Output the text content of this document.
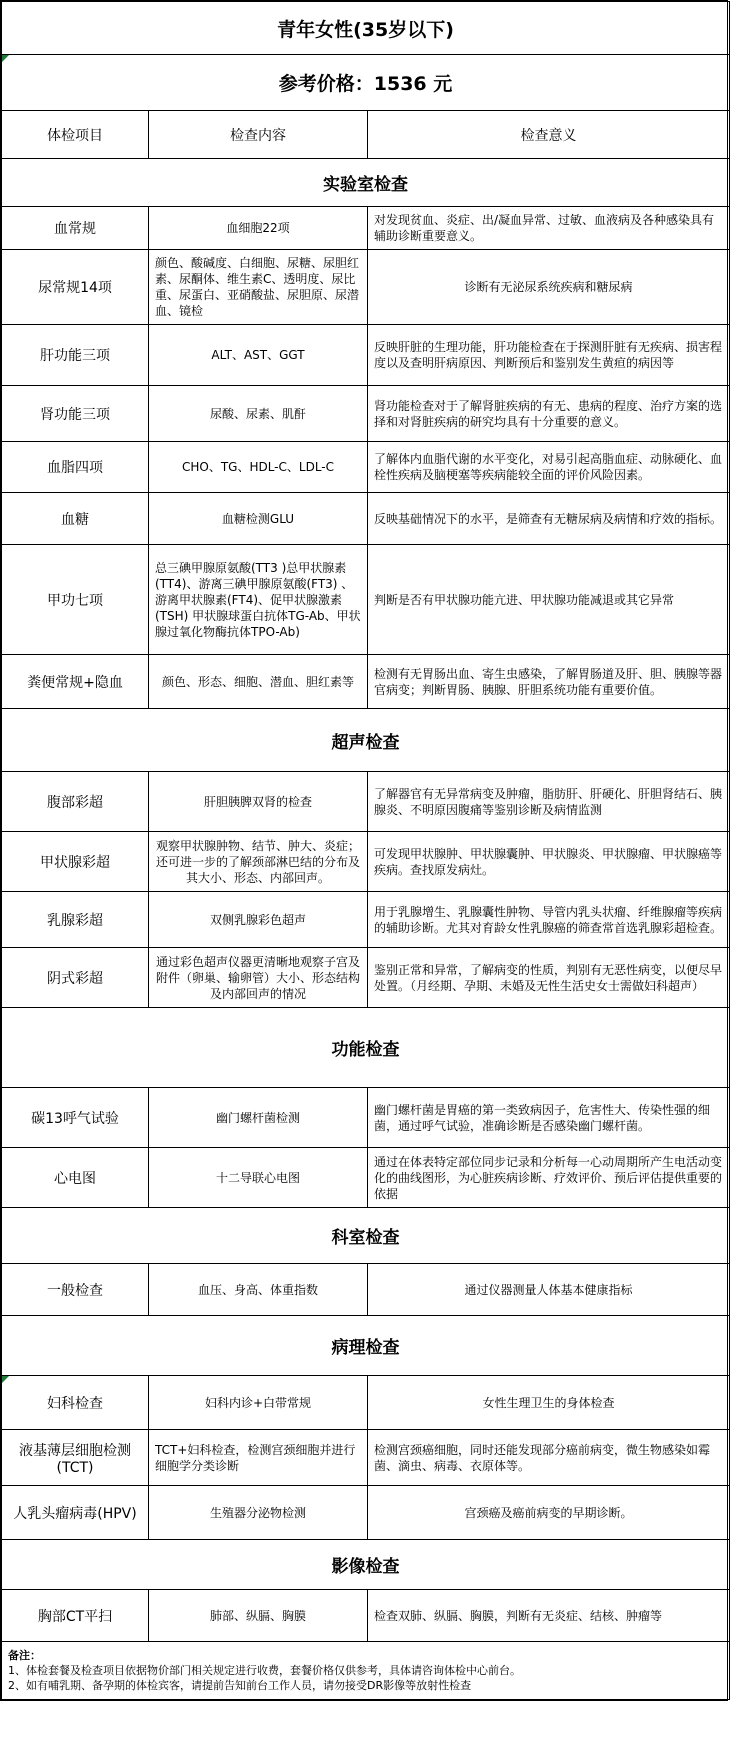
青年女性(35岁以下)		

参考价格：1536 元		
体检项目	检查内容	检查意义
实验室检查		
血常规	血细胞22项	对发现贫血、炎症、出/凝血异常、过敏、血液病及各种感染具有辅助诊断重要意义。
尿常规14项	颜色、酸碱度、白细胞、尿糖、尿胆红素、尿酮体、维生素C、透明度、尿比重、尿蛋白、亚硝酸盐、尿胆原、尿潜血、镜检	诊断有无泌尿系统疾病和糖尿病
肝功能三项	ALT、AST、GGT	反映肝脏的生理功能，肝功能检查在于探测肝脏有无疾病、损害程度以及查明肝病原因、判断预后和鉴别发生黄疸的病因等
肾功能三项	尿酸、尿素、肌酐	肾功能检查对于了解肾脏疾病的有无、患病的程度、治疗方案的选择和对肾脏疾病的研究均具有十分重要的意义。
血脂四项	CHO、TG、HDL-C、LDL-C	了解体内血脂代谢的水平变化，对易引起高脂血症、动脉硬化、血栓性疾病及脑梗塞等疾病能较全面的评价风险因素。
血糖	血糖检测GLU	反映基础情况下的水平，是筛查有无糖尿病及病情和疗效的指标。
甲功七项	总三碘甲腺原氨酸(TT3 )总甲状腺素(TT4)、游离三碘甲腺原氨酸(FT3) 、游离甲状腺素(FT4)、促甲状腺激素(TSH) 甲状腺球蛋白抗体TG-Ab、甲状腺过氧化物酶抗体TPO-Ab)	判断是否有甲状腺功能亢进、甲状腺功能减退或其它异常
粪便常规+隐血	颜色、形态、细胞、潜血、胆红素等	检测有无胃肠出血、寄生虫感染，了解胃肠道及肝、胆、胰腺等器官病变；判断胃肠、胰腺、肝胆系统功能有重要价值。
超声检查		
腹部彩超	肝胆胰脾双肾的检查	了解器官有无异常病变及肿瘤，脂肪肝、肝硬化、肝胆肾结石、胰腺炎、不明原因腹痛等鉴别诊断及病情监测
甲状腺彩超	观察甲状腺肿物、结节、肿大、炎症；还可进一步的了解颈部淋巴结的分布及其大小、形态、内部回声。	可发现甲状腺肿、甲状腺囊肿、甲状腺炎、甲状腺瘤、甲状腺癌等疾病。查找原发病灶。
乳腺彩超	双侧乳腺彩色超声	用于乳腺增生、乳腺囊性肿物、导管内乳头状瘤、纤维腺瘤等疾病的辅助诊断。尤其对育龄女性乳腺癌的筛查常首选乳腺彩超检查。
阴式彩超	通过彩色超声仪器更清晰地观察子宫及附件（卵巢、输卵管）大小、形态结构及内部回声的情况	鉴别正常和异常，了解病变的性质，判别有无恶性病变，以便尽早处置。（月经期、孕期、未婚及无性生活史女士需做妇科超声）
功能检查		
碳13呼气试验	幽门螺杆菌检测	幽门螺杆菌是胃癌的第一类致病因子，危害性大、传染性强的细菌，通过呼气试验，准确诊断是否感染幽门螺杆菌。
心电图	十二导联心电图	通过在体表特定部位同步记录和分析每一心动周期所产生电活动变化的曲线图形，为心脏疾病诊断、疗效评价、预后评估提供重要的依据
科室检查		
一般检查	血压、身高、体重指数	通过仪器测量人体基本健康指标
病理检查		

妇科检查	妇科内诊+白带常规	女性生理卫生的身体检查
液基薄层细胞检测(TCT)	TCT+妇科检查，检测宫颈细胞并进行细胞学分类诊断	检测宫颈癌细胞，同时还能发现部分癌前病变，微生物感染如霉菌、滴虫、病毒、衣原体等。
人乳头瘤病毒(HPV)	生殖器分泌物检测	宫颈癌及癌前病变的早期诊断。
影像检查		
胸部CT平扫	肺部、纵膈、胸膜	检查双肺、纵膈、胸膜，判断有无炎症、结核、肿瘤等

备注：
1、体检套餐及检查项目依据物价部门相关规定进行收费，套餐价格仅供参考，具体请咨询体检中心前台。
2、如有哺乳期、备孕期的体检宾客，请提前告知前台工作人员，请勿接受DR影像等放射性检查		
